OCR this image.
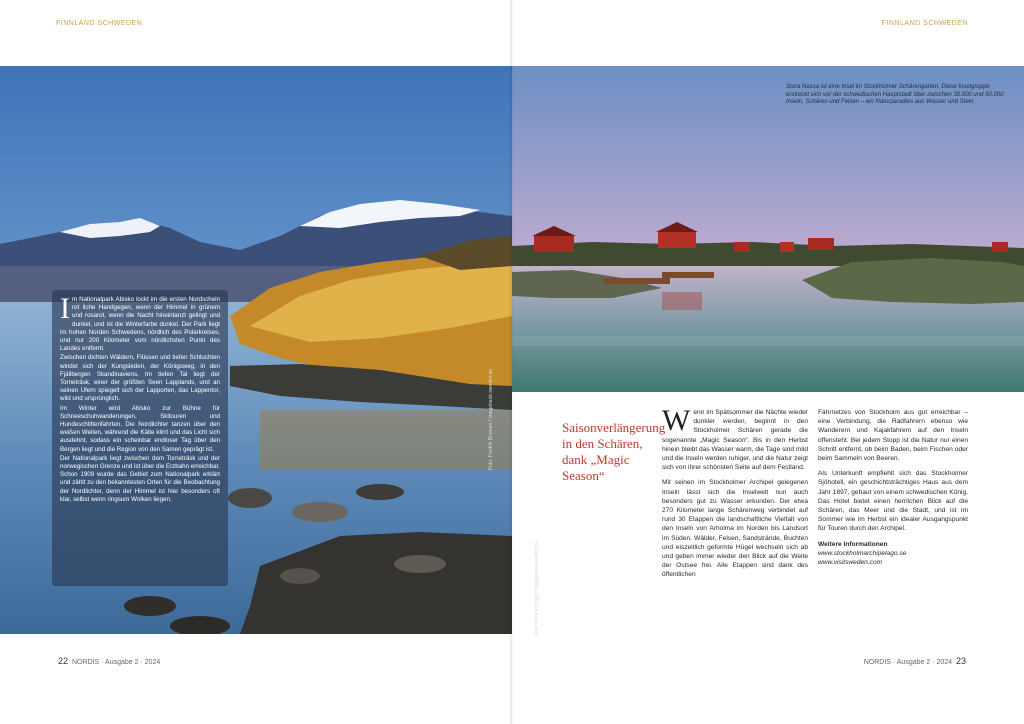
FINNLAND SCHWEDEN
I m Nationalpark Abisko lockt im die ersten Nordschein rot liche Handgegen, wenn der Himmel in grünem und rosarot, wenn die Nacht hineintanzt gelingt und dunkel, und ist die Winterfarbe dunkel. Der Park liegt im hohen Norden Schwedens, nördlich des Polarkreises, und nur 200 Kilometer vom nördlichsten Punkt des Landes entfernt.

Zwischen dichten Wäldern, Flüssen und tiefen Schluchten windet sich der Kungsleden, der Königsweg, in den Fjällbergen Skandinaviens. Im tiefen Tal liegt der Torneträsk, einer der größten Seen Lapplands, und an seinen Ufern spiegelt sich der Lapporten, das Lappentor, wild und ursprünglich.

Im Winter wird Abisko zur Bühne für Schneeschuhwanderungen, Skitouren und Hundeschlittenfahrten. Die Nordlichter tanzen über den weißen Weiten, während die Kälte klirrt und das Licht sich ausdehnt, sodass ein scheinbar endloser Tag über den Bergen liegt und die Region von den Samen geprägt ist.

Der Nationalpark liegt zwischen dem Torneträsk und der norwegischen Grenze und ist über die Erzbahn erreichbar. Schon 1909 wurde das Gebiet zum Nationalpark erklärt und zählt zu den bekanntesten Orten für die Beobachtung der Nordlichter, denn der Himmel ist hier besonders oft klar, selbst wenn ringsum Wolken liegen.

Foto: Fredrik Broman / imagebank.sweden.se
22 NORDIS · Ausgabe 2 · 2024
FINNLAND SCHWEDEN
Stora Nassa ist eine Insel im Stockholmer Schärengarten. Diese Inselgruppe erstreckt sich vor der schwedischen Hauptstadt über zwischen 30.000 und 50.000 Inseln, Schären und Felsen – ein Naturparadies aus Wasser und Stein.
Foto: Henrik Trygg / imagebank.sweden.se
Saisonverlängerung in den Schären, dank „Magic Season“
W enn im Spätsommer die Nächte wieder dunkler werden, beginnt in den Stockholmer Schären gerade die sogenannte „Magic Season“. Bis in den Herbst hinein bleibt das Wasser warm, die Tage sind mild und die Inseln werden ruhiger, und die Natur zeigt sich von ihrer schönsten Seite auf dem Festland.

Mit seinen im Stockholmer Archipel gelegenen Inseln lässt sich die Inselwelt nun auch besonders gut zu Wasser erkunden. Der etwa 270 Kilometer lange Schärenweg verbindet auf rund 30 Etappen die landschaftliche Vielfalt von den Inseln von Arholma im Norden bis Landsort im Süden. Wälder, Felsen, Sandstrände, Buchten und eiszeitlich geformte Hügel wechseln sich ab und geben immer wieder den Blick auf die Weite der Ostsee frei. Alle Etappen sind dank des öffentlichen

Fährnetzes von Stockholm aus gut erreichbar – eine Verbindung, die Radfahrern ebenso wie Wanderern und Kajakfahrern auf den Inseln offensteht. Bei jedem Stopp ist die Natur nur einen Schritt entfernt, ob beim Baden, beim Fischen oder beim Sammeln von Beeren.

Als Unterkunft empfiehlt sich das Stockholmer Sjöhotell, ein geschichtsträchtiges Haus aus dem Jahr 1897, gebaut von einem schwedischen König. Das Hotel bietet einen herrlichen Blick auf die Schären, das Meer und die Stadt, und ist im Sommer wie im Herbst ein idealer Ausgangspunkt für Touren durch den Archipel.

Weitere Informationen
www.stockholmarchipelago.se
www.visitsweden.com
NORDIS · Ausgabe 2 · 2024 23
